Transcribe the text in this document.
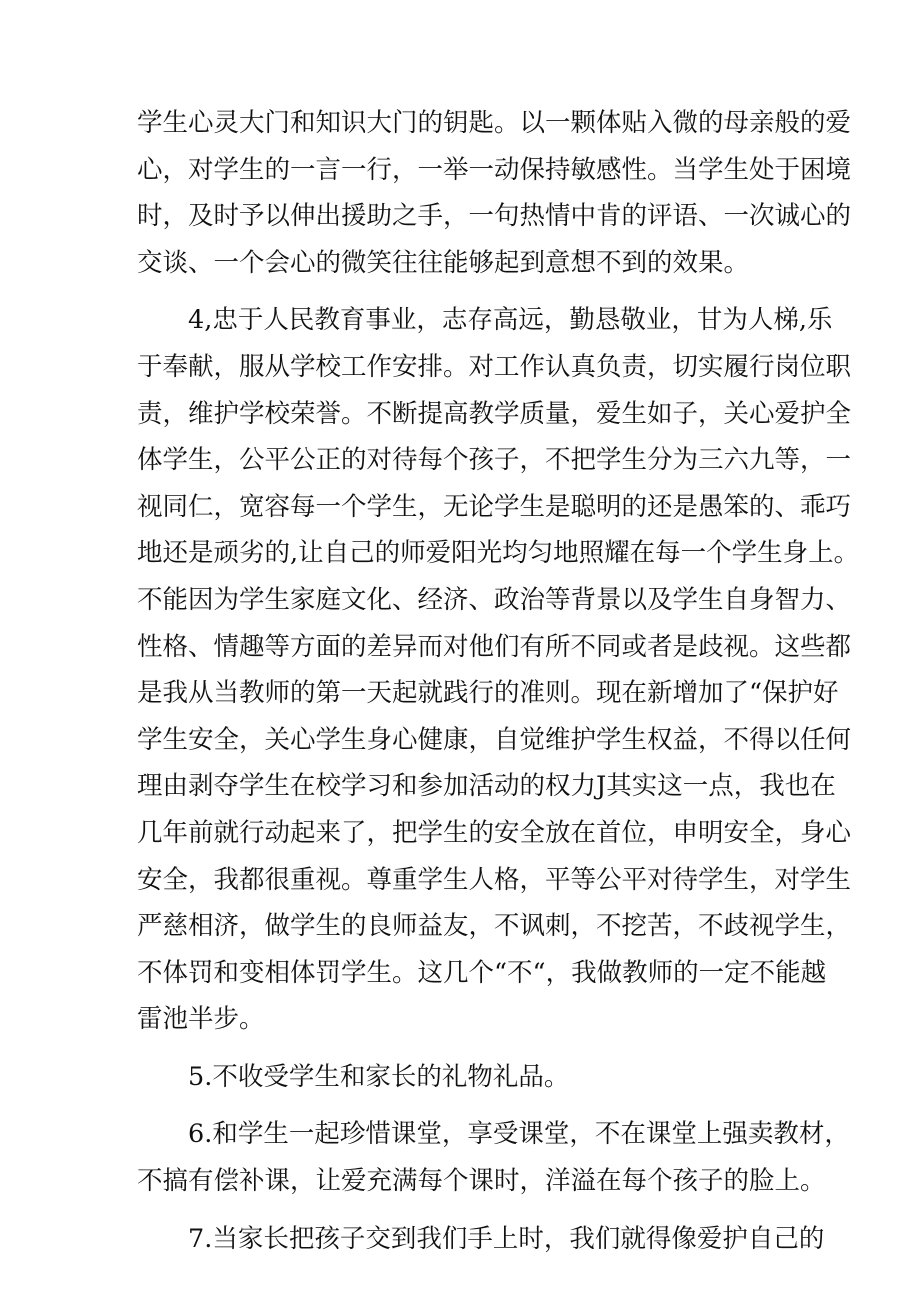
学生心灵大门和知识大门的钥匙。以一颗体贴入微的母亲般的爱
心，对学生的一言一行，一举一动保持敏感性。当学生处于困境
时，及时予以伸出援助之手，一句热情中肯的评语、一次诚心的
交谈、一个会心的微笑往往能够起到意想不到的效果。
4,忠于人民教育事业，志存高远，勤恳敬业，甘为人梯,乐
于奉献，服从学校工作安排。对工作认真负责，切实履行岗位职
责，维护学校荣誉。不断提高教学质量，爱生如子，关心爱护全
体学生，公平公正的对待每个孩子，不把学生分为三六九等，一
视同仁，宽容每一个学生，无论学生是聪明的还是愚笨的、乖巧
地还是顽劣的,让自己的师爱阳光均匀地照耀在每一个学生身上。
不能因为学生家庭文化、经济、政治等背景以及学生自身智力、
性格、情趣等方面的差异而对他们有所不同或者是歧视。这些都
是我从当教师的第一天起就践行的准则。现在新增加了“保护好
学生安全，关心学生身心健康，自觉维护学生权益，不得以任何
理由剥夺学生在校学习和参加活动的权力J其实这一点，我也在
几年前就行动起来了，把学生的安全放在首位，申明安全，身心
安全，我都很重视。尊重学生人格，平等公平对待学生，对学生
严慈相济，做学生的良师益友，不讽刺，不挖苦，不歧视学生，
不体罚和变相体罚学生。这几个“不“，我做教师的一定不能越
雷池半步。
5.不收受学生和家长的礼物礼品。
6.和学生一起珍惜课堂，享受课堂，不在课堂上强卖教材，
不搞有偿补课，让爱充满每个课时，洋溢在每个孩子的脸上。
7.当家长把孩子交到我们手上时，我们就得像爱护自己的
